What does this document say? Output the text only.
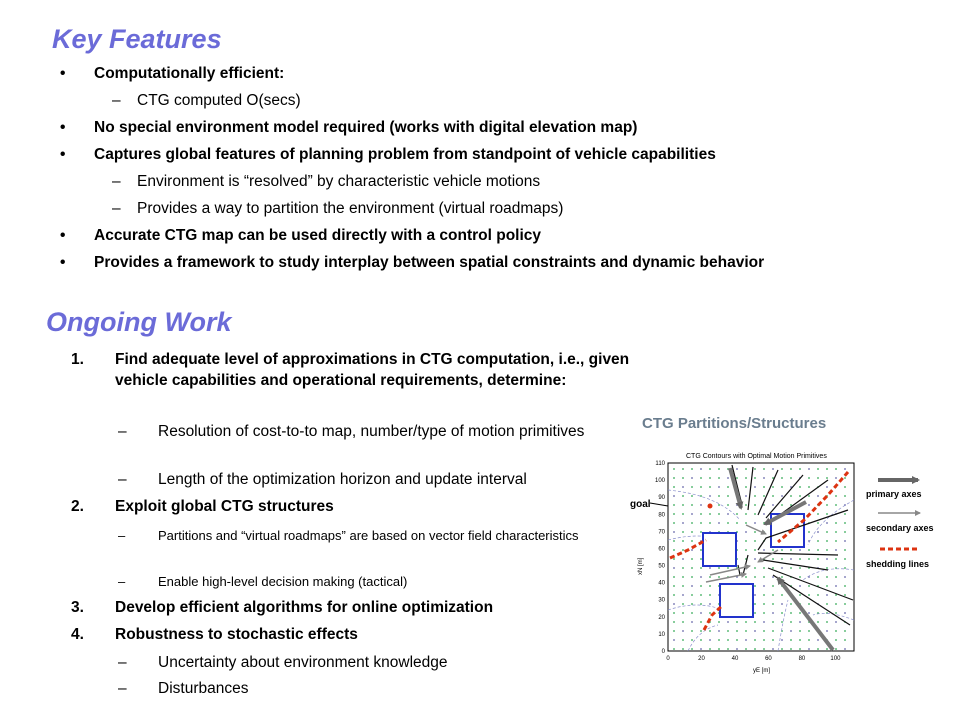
Key Features
• Computationally efficient:
– CTG computed O(secs)
• No special environment model required (works with digital elevation map)
• Captures global features of planning problem from standpoint of vehicle capabilities
– Environment is “resolved” by characteristic vehicle motions
– Provides a way to partition the environment (virtual roadmaps)
• Accurate CTG map can be used directly with a control policy
• Provides a framework to study interplay between spatial constraints and dynamic behavior
Ongoing Work
1. Find adequate level of approximations in CTG computation, i.e., given vehicle capabilities and operational requirements, determine:
– Resolution of cost-to-to map, number/type of motion primitives
– Length of the optimization horizon and update interval
2. Exploit global CTG structures
–	Partitions and “virtual roadmaps” are based on vector field characteristics
–	Enable high-level decision making (tactical)
3. Develop efficient algorithms for online optimization
4. Robustness to stochastic effects
– Uncertainty about environment knowledge
– Disturbances
CTG Partitions/Structures
goal
CTG Contours with Optimal Motion Primitives
xN [m]
yE [m]
0
10
20
30
40
50
60
70
80
90
100
110
0	20	40	60	80	100
primary axes
secondary axes
shedding lines
